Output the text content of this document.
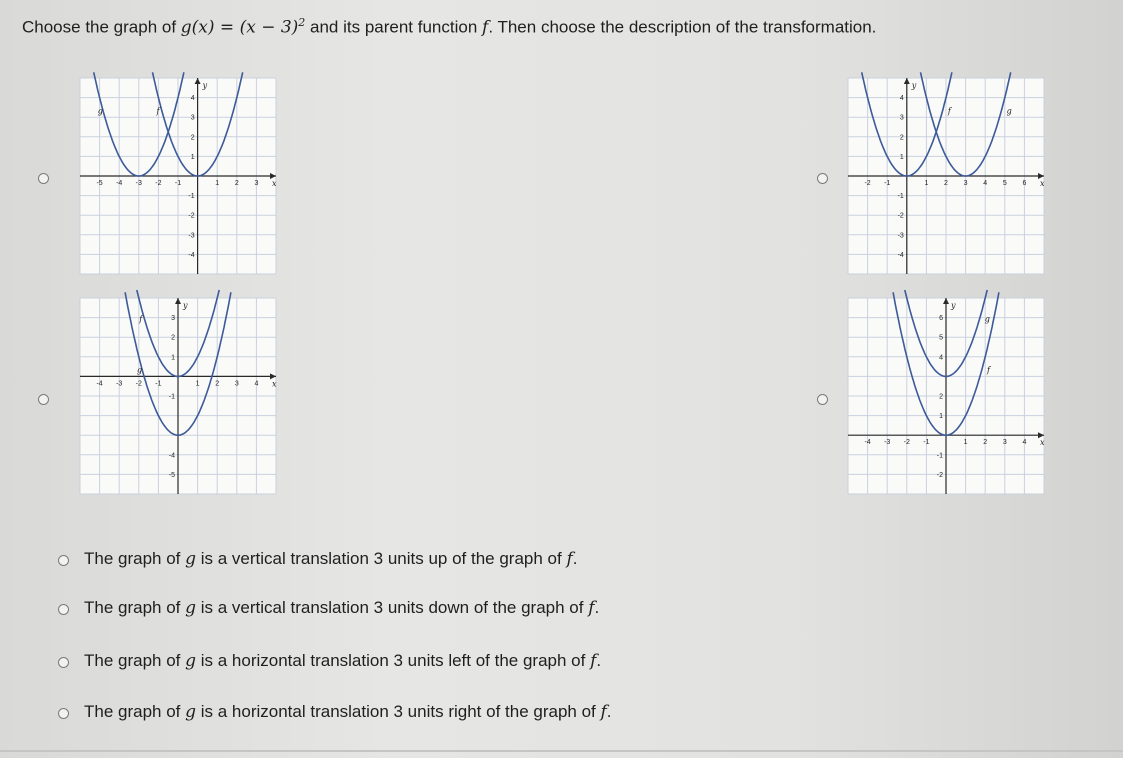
Choose the graph of $g(x) = (x - 3)^2$ and its parent function f. Then choose the description of the transformation.
-5 -4 -3 -2 -1	1 2 3
4
3
2
1
-1
-2
-3
-4
x
y
f
g
-2 -1	1 2 3 4 5 6
4
3
2
1
-1
-2
-3
-4
x
y
f	g
-4 -3 -2 -1	1 2 3 4
3
2
1
-1
-4
-5
x
y
f
g
-4 -3 -2 -1	1 2 3 4
6
5
4
2
1
-1
-2
x
y
f
g
The graph of g is a vertical translation 3 units up of the graph of f.
The graph of g is a vertical translation 3 units down of the graph of f.
The graph of g is a horizontal translation 3 units left of the graph of f.
The graph of g is a horizontal translation 3 units right of the graph of f.
